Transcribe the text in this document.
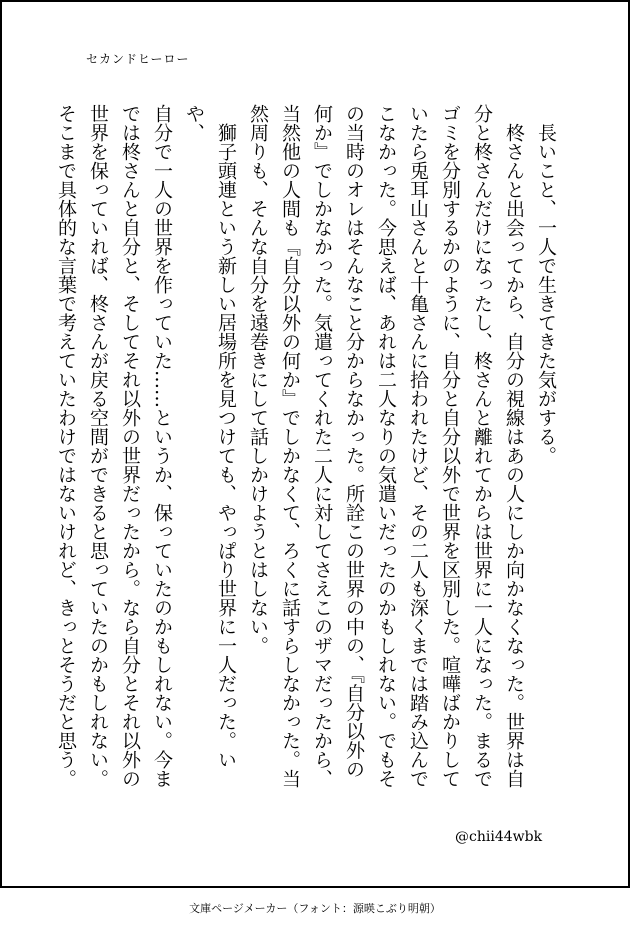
セカンドヒーロー

長いこと、一人で生きてきた気がする。

柊さんと出会ってから、自分の視線はあの人にしか向かなくなった。世界は自
分と柊さんだけになったし、柊さんと離れてからは世界に一人になった。まるで
ゴミを分別するかのように、自分と自分以外で世界を区別した。喧嘩ばかりして
いたら兎耳山さんと十亀さんに拾われたけど、その二人も深くまでは踏み込んで
こなかった。今思えば、あれは二人なりの気遣いだったのかもしれない。でもそ
の当時のオレはそんなこと分からなかった。所詮この世界の中の、『自分以外の
何か』でしかなかった。気遣ってくれた二人に対してさえこのザマだったから、
当然他の人間も『自分以外の何か』でしかなくて、ろくに話すらしなかった。当
然周りも、そんな自分を遠巻きにして話しかけようとはしない。

獅子頭連という新しい居場所を見つけても、やっぱり世界に一人だった。いや、
自分で一人の世界を作っていた……というか、保っていたのかもしれない。今ま
では柊さんと自分と、そしてそれ以外の世界だったから。なら自分とそれ以外の
世界を保っていれば、柊さんが戻る空間ができると思っていたのかもしれない。
そこまで具体的な言葉で考えていたわけではないけれど、きっとそうだと思う。

@chii44wbk
文庫ページメーカー（フォント：源暎こぶり明朝）
